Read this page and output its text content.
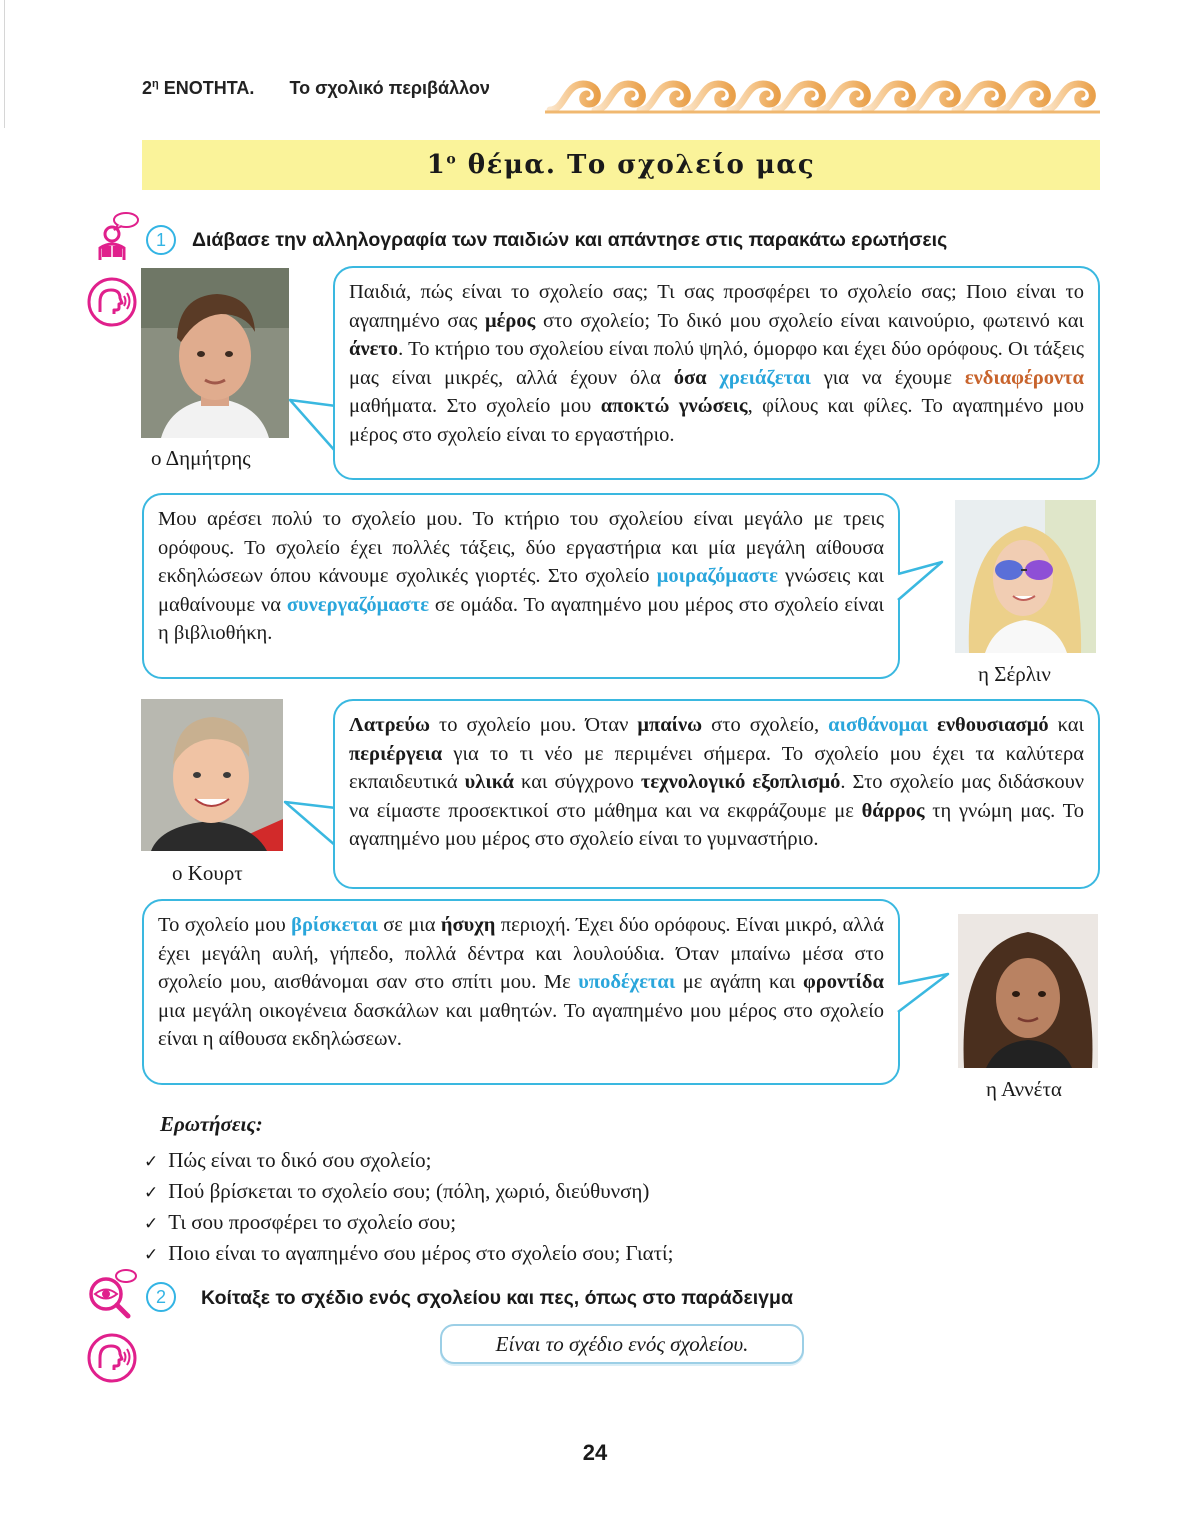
$2^\eta$ ΕΝΟΤΗΤΑ. Το σχολικό περιβάλλον
$1^o$ θέμα. Το σχολείο μας
1	Διάβασε την αλληλογραφία των παιδιών και απάντησε στις παρακάτω ερωτήσεις
ο Δημήτρης
Παιδιά, πώς είναι το σχολείο σας; Τι σας προσφέρει το σχολείο σας; Ποιο είναι το αγαπημένο σας μέρος στο σχολείο; Το δικό μου σχολείο είναι καινούριο, φωτεινό και άνετο. Το κτήριο του σχολείου είναι πολύ ψηλό, όμορφο και έχει δύο ορόφους. Οι τάξεις μας είναι μικρές, αλλά έχουν όλα όσα χρειάζεται για να έχουμε ενδιαφέροντα μαθήματα. Στο σχολείο μου αποκτώ γνώσεις, φίλους και φίλες. Το αγαπημένο μου μέρος στο σχολείο είναι το εργαστήριο.
Μου αρέσει πολύ το σχολείο μου. Το κτήριο του σχολείου είναι μεγάλο με τρεις ορόφους. Το σχολείο έχει πολλές τάξεις, δύο εργαστήρια και μία μεγάλη αίθουσα εκδηλώσεων όπου κάνουμε σχολικές γιορτές. Στο σχολείο μοιραζόμαστε γνώσεις και μαθαίνουμε να συνεργαζόμαστε σε ομάδα. Το αγαπημένο μου μέρος στο σχολείο είναι η βιβλιοθήκη.
η Σέρλιν
ο Κουρτ
Λατρεύω το σχολείο μου. Όταν μπαίνω στο σχολείο, αισθάνομαι ενθουσιασμό και περιέργεια για το τι νέο με περιμένει σήμερα. Το σχολείο μου έχει τα καλύτερα εκπαιδευτικά υλικά και σύγχρονο τεχνολογικό εξοπλισμό. Στο σχολείο μας διδάσκουν να είμαστε προσεκτικοί στο μάθημα και να εκφράζουμε με θάρρος τη γνώμη μας. Το αγαπημένο μου μέρος στο σχολείο είναι το γυμναστήριο.
Το σχολείο μου βρίσκεται σε μια ήσυχη περιοχή. Έχει δύο ορόφους. Είναι μικρό, αλλά έχει μεγάλη αυλή, γήπεδο, πολλά δέντρα και λουλούδια. Όταν μπαίνω μέσα στο σχολείο μου, αισθάνομαι σαν στο σπίτι μου. Με υποδέχεται με αγάπη και φροντίδα μια μεγάλη οικογένεια δασκάλων και μαθητών. Το αγαπημένο μου μέρος στο σχολείο είναι η αίθουσα εκδηλώσεων.
η Αννέτα
Ερωτήσεις:
✓ Πώς είναι το δικό σου σχολείο;
✓ Πού βρίσκεται το σχολείο σου; (πόλη, χωριό, διεύθυνση)
✓ Τι σου προσφέρει το σχολείο σου;
✓ Ποιο είναι το αγαπημένο σου μέρος στο σχολείο σου; Γιατί;
2	Κοίταξε το σχέδιο ενός σχολείου και πες, όπως στο παράδειγμα
Είναι το σχέδιο ενός σχολείου.
24
